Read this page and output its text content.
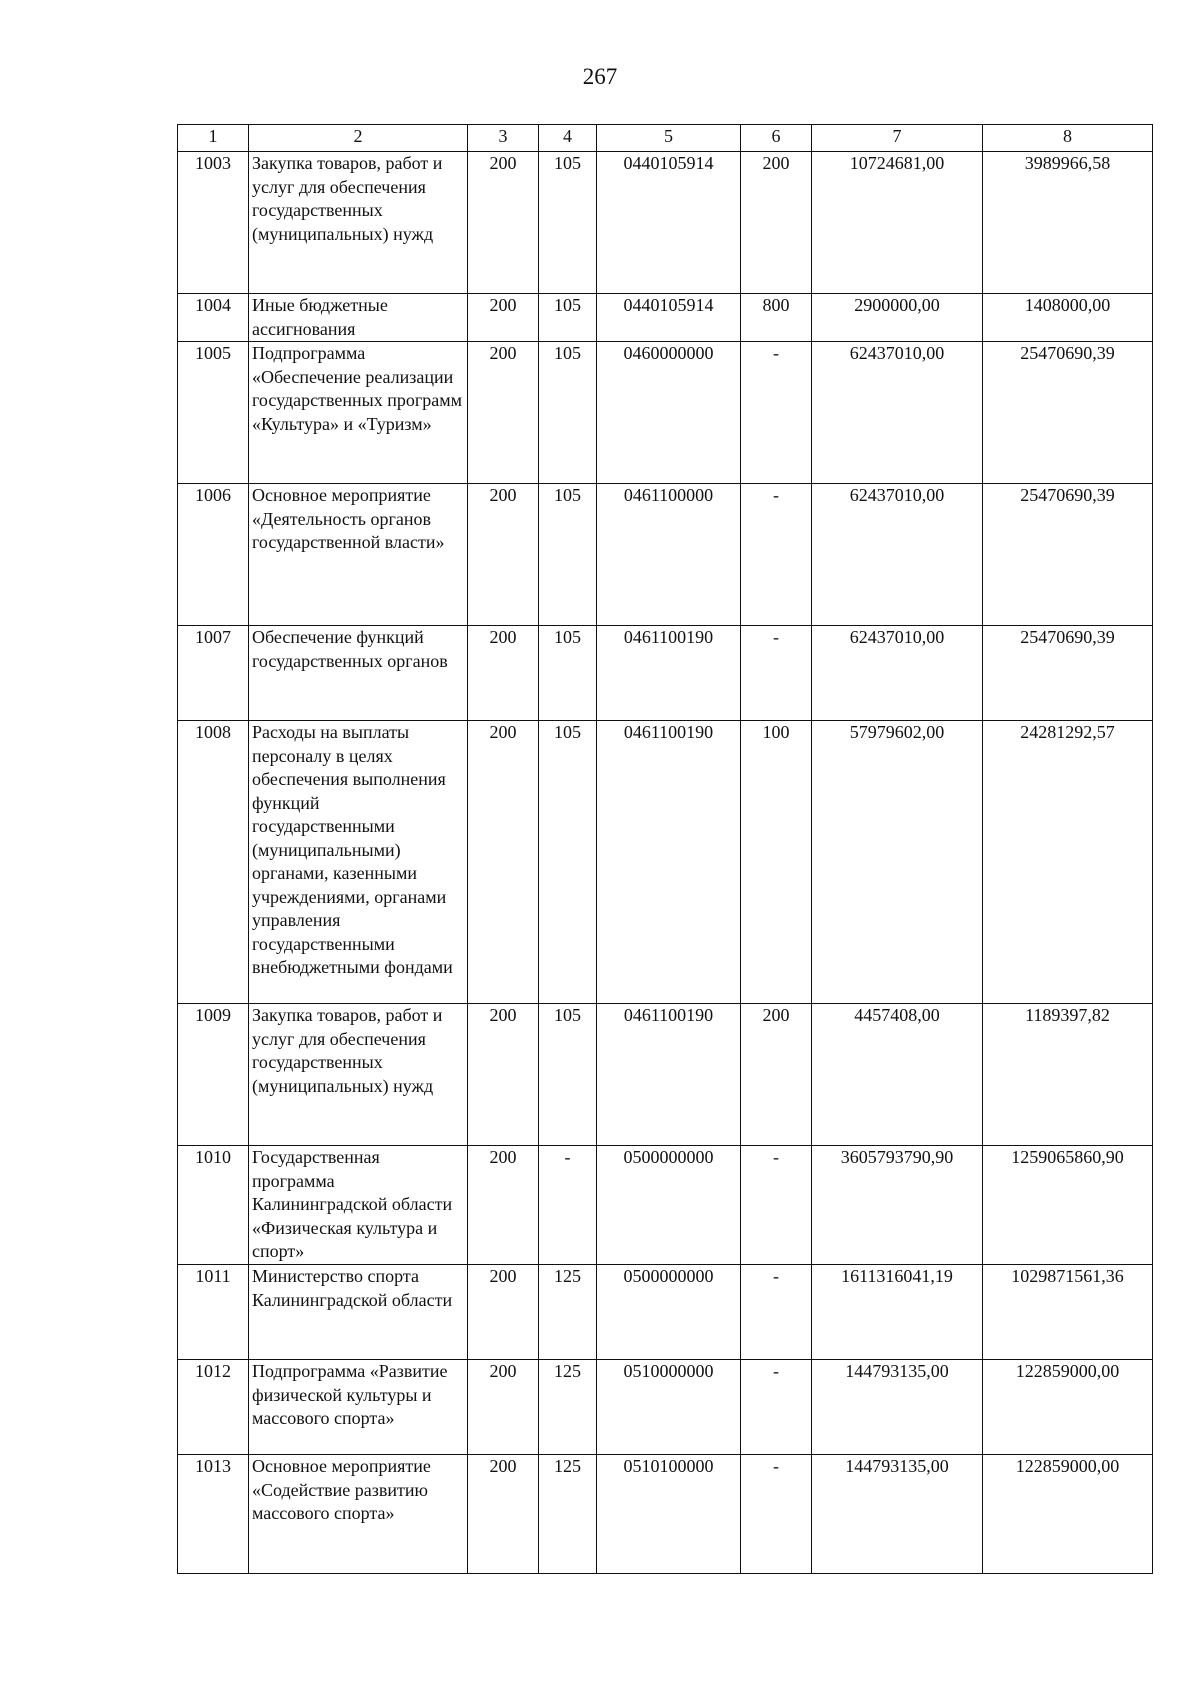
267
1	2	3	4	5	6	7	8
1003	Закупка товаров, работ и услуг для обеспечения государственных (муниципальных) нужд	200	105	0440105914	200	10724681,00	3989966,58
1004	Иные бюджетные ассигнования	200	105	0440105914	800	2900000,00	1408000,00
1005	Подпрограмма «Обеспечение реализации государственных программ «Культура» и «Туризм»	200	105	0460000000	-	62437010,00	25470690,39
1006	Основное мероприятие «Деятельность органов государственной власти»	200	105	0461100000	-	62437010,00	25470690,39
1007	Обеспечение функций государственных органов	200	105	0461100190	-	62437010,00	25470690,39
1008	Расходы на выплаты персоналу в целях обеспечения выполнения функций государственными (муниципальными) органами, казенными учреждениями, органами управления государственными внебюджетными фондами	200	105	0461100190	100	57979602,00	24281292,57
1009	Закупка товаров, работ и услуг для обеспечения государственных (муниципальных) нужд	200	105	0461100190	200	4457408,00	1189397,82
1010	Государственная программа Калининградской области «Физическая культура и спорт»	200	-	0500000000	-	3605793790,90	1259065860,90
1011	Министерство спорта Калининградской области	200	125	0500000000	-	1611316041,19	1029871561,36
1012	Подпрограмма «Развитие физической культуры и массового спорта»	200	125	0510000000	-	144793135,00	122859000,00
1013	Основное мероприятие «Содействие развитию массового спорта»	200	125	0510100000	-	144793135,00	122859000,00
